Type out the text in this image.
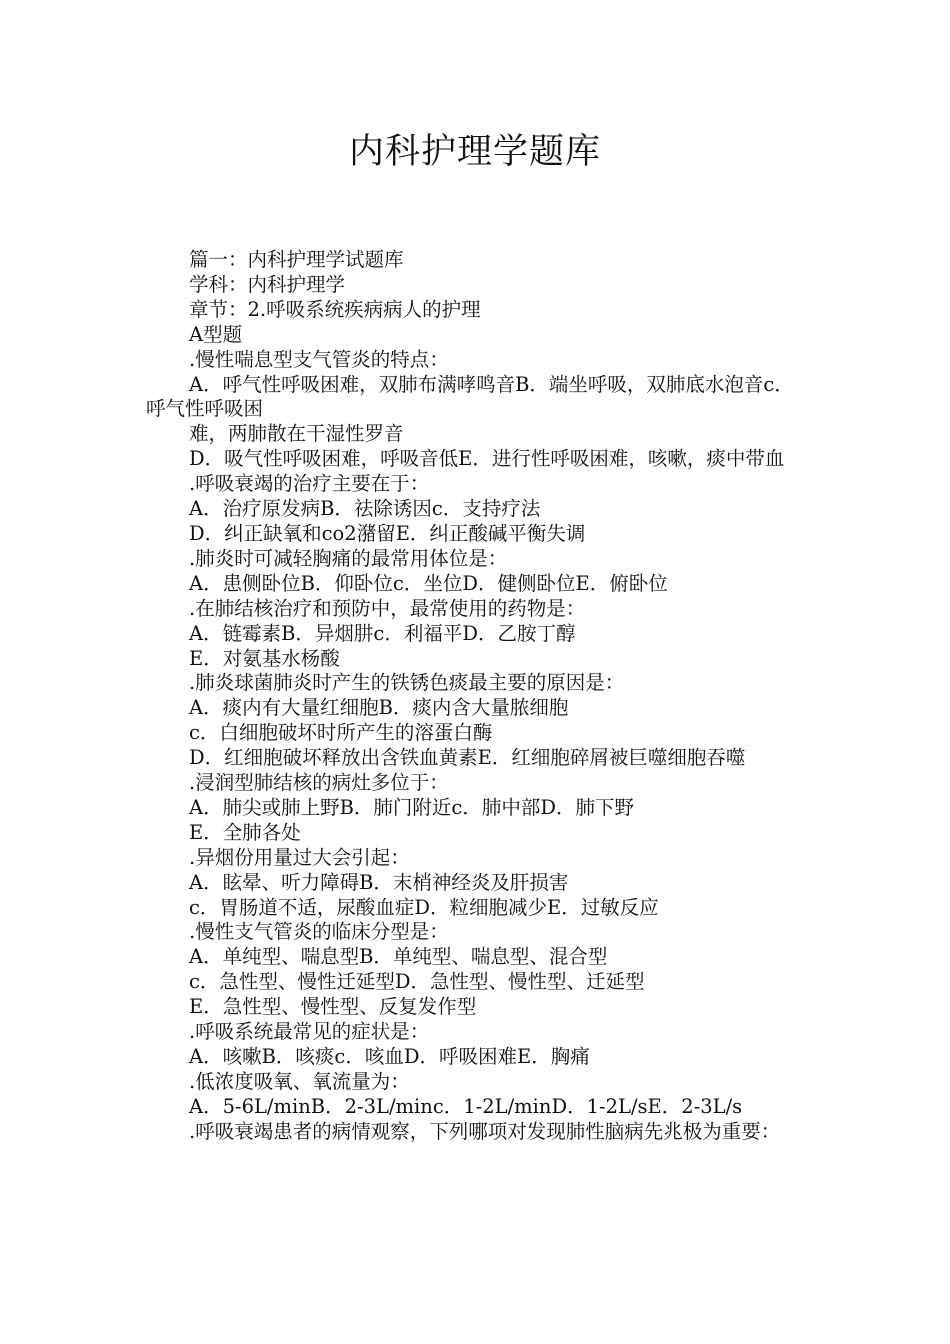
内科护理学题库

篇一：内科护理学试题库

学科：内科护理学

章节：2.呼吸系统疾病病人的护理

A型题

.慢性喘息型支气管炎的特点：

A．呼气性呼吸困难，双肺布满哮鸣音B．端坐呼吸，双肺底水泡音c．呼气性呼吸困

难，两肺散在干湿性罗音

D．吸气性呼吸困难，呼吸音低E．进行性呼吸困难，咳嗽，痰中带血

.呼吸衰竭的治疗主要在于：

A．治疗原发病B．祛除诱因c．支持疗法

D．纠正缺氧和co2潴留E．纠正酸碱平衡失调

.肺炎时可减轻胸痛的最常用体位是：

A．患侧卧位B．仰卧位c．坐位D．健侧卧位E．俯卧位

.在肺结核治疗和预防中，最常使用的药物是：

A．链霉素B．异烟肼c．利福平D．乙胺丁醇

E．对氨基水杨酸

.肺炎球菌肺炎时产生的铁锈色痰最主要的原因是：

A．痰内有大量红细胞B．痰内含大量脓细胞

c．白细胞破坏时所产生的溶蛋白酶

D．红细胞破坏释放出含铁血黄素E．红细胞碎屑被巨噬细胞吞噬

.浸润型肺结核的病灶多位于：

A．肺尖或肺上野B．肺门附近c．肺中部D．肺下野

E．全肺各处

.异烟份用量过大会引起：

A．眩晕、听力障碍B．末梢神经炎及肝损害

c．胃肠道不适，尿酸血症D．粒细胞减少E．过敏反应

.慢性支气管炎的临床分型是：

A．单纯型、喘息型B．单纯型、喘息型、混合型

c．急性型、慢性迁延型D．急性型、慢性型、迁延型

E．急性型、慢性型、反复发作型

.呼吸系统最常见的症状是：

A．咳嗽B．咳痰c．咳血D．呼吸困难E．胸痛

.低浓度吸氧、氧流量为：

A．5-6L/minB．2-3L/minc．1-2L/minD．1-2L/sE．2-3L/s

.呼吸衰竭患者的病情观察，下列哪项对发现肺性脑病先兆极为重要：
